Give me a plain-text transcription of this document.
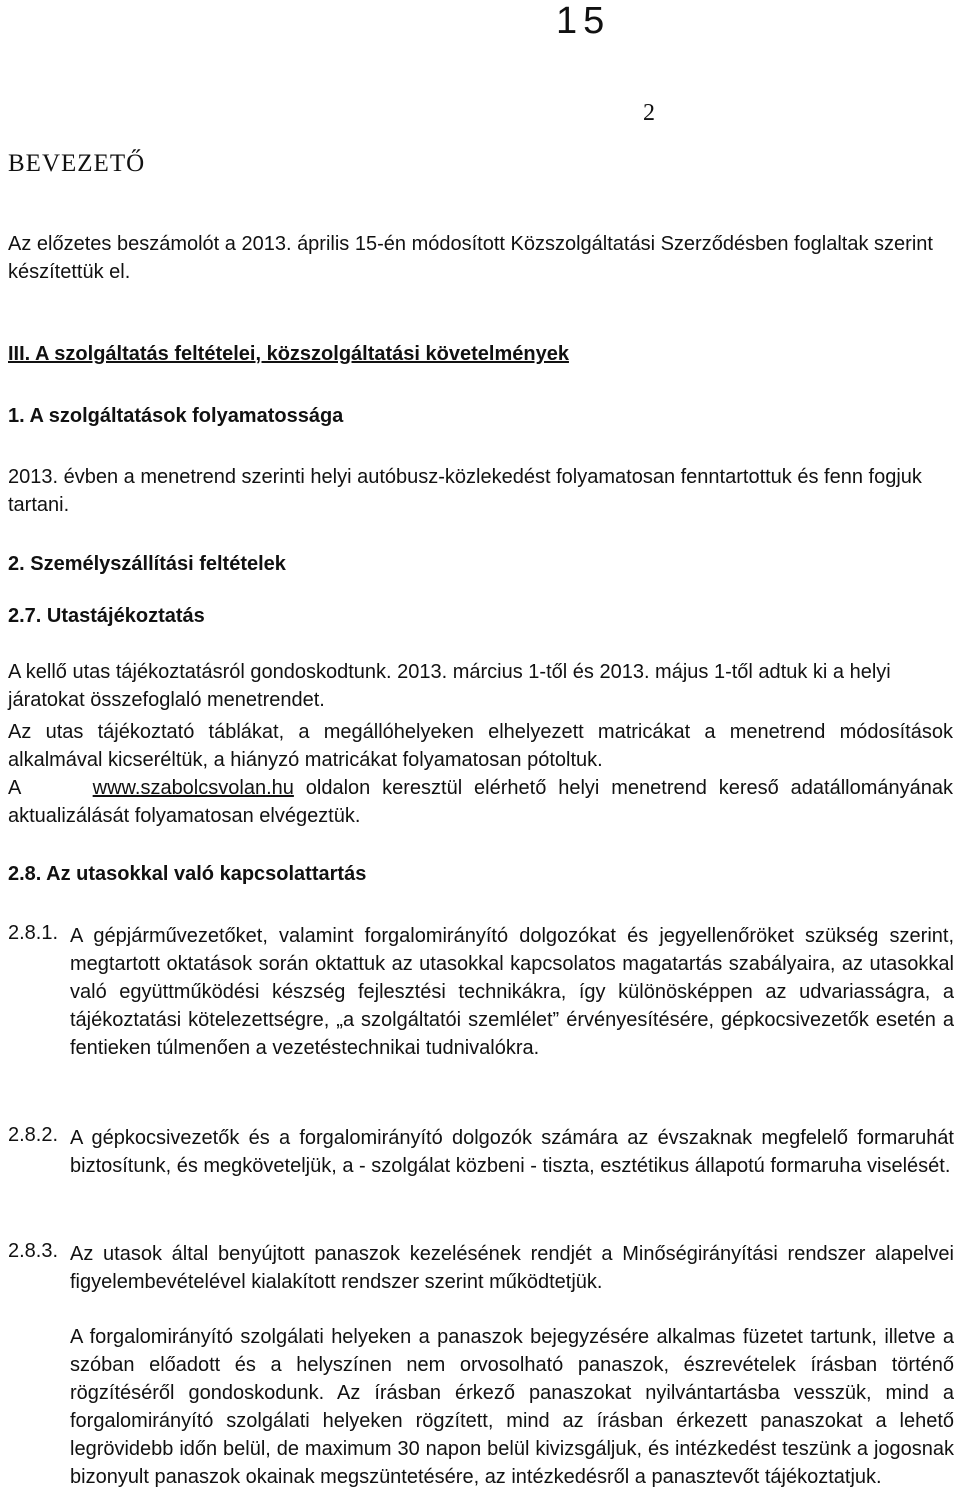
15
2
BEVEZETŐ
Az előzetes beszámolót a 2013. április 15-én módosított Közszolgáltatási Szerződésben foglaltak szerint készítettük el.
III. A szolgáltatás feltételei, közszolgáltatási követelmények
1. A szolgáltatások folyamatossága
2013. évben a menetrend szerinti helyi autóbusz-közlekedést folyamatosan fenntartottuk és fenn fogjuk tartani.
2. Személyszállítási feltételek
2.7. Utastájékoztatás
A kellő utas tájékoztatásról gondoskodtunk. 2013. március 1-től és 2013. május 1-től adtuk ki a helyi járatokat összefoglaló menetrendet.
Az utas tájékoztató táblákat, a megállóhelyeken elhelyezett matricákat a menetrend módosítások alkalmával kicseréltük, a hiányzó matricákat folyamatosan pótoltuk.
A	www.szabolcsvolan.hu oldalon keresztül elérhető helyi menetrend kereső adatállományának aktualizálását folyamatosan elvégeztük.
2.8. Az utasokkal való kapcsolattartás
2.8.1. A gépjárművezetőket, valamint forgalomirányító dolgozókat és jegyellenőröket szükség szerint, megtartott oktatások során oktattuk az utasokkal kapcsolatos magatartás szabályaira, az utasokkal való együttműködési készség fejlesztési technikákra, így különösképpen az udvariasságra, a tájékoztatási kötelezettségre, „a szolgáltatói szemlélet” érvényesítésére, gépkocsivezetők esetén a fentieken túlmenően a vezetéstechnikai tudnivalókra.
2.8.2. A gépkocsivezetők és a forgalomirányító dolgozók számára az évszaknak megfelelő formaruhát biztosítunk, és megköveteljük, a - szolgálat közbeni - tiszta, esztétikus állapotú formaruha viselését.
2.8.3. Az utasok által benyújtott panaszok kezelésének rendjét a Minőségirányítási rendszer alapelvei figyelembevételével kialakított rendszer szerint működtetjük.
A forgalomirányító szolgálati helyeken a panaszok bejegyzésére alkalmas füzetet tartunk, illetve a szóban előadott és a helyszínen nem orvosolható panaszok, észrevételek írásban történő rögzítéséről gondoskodunk. Az írásban érkező panaszokat nyilvántartásba vesszük, mind a forgalomirányító szolgálati helyeken rögzített, mind az írásban érkezett panaszokat a lehető legrövidebb időn belül, de maximum 30 napon belül kivizsgáljuk, és intézkedést teszünk a jogosnak bizonyult panaszok okainak megszüntetésére, az intézkedésről a panasztevőt tájékoztatjuk.
